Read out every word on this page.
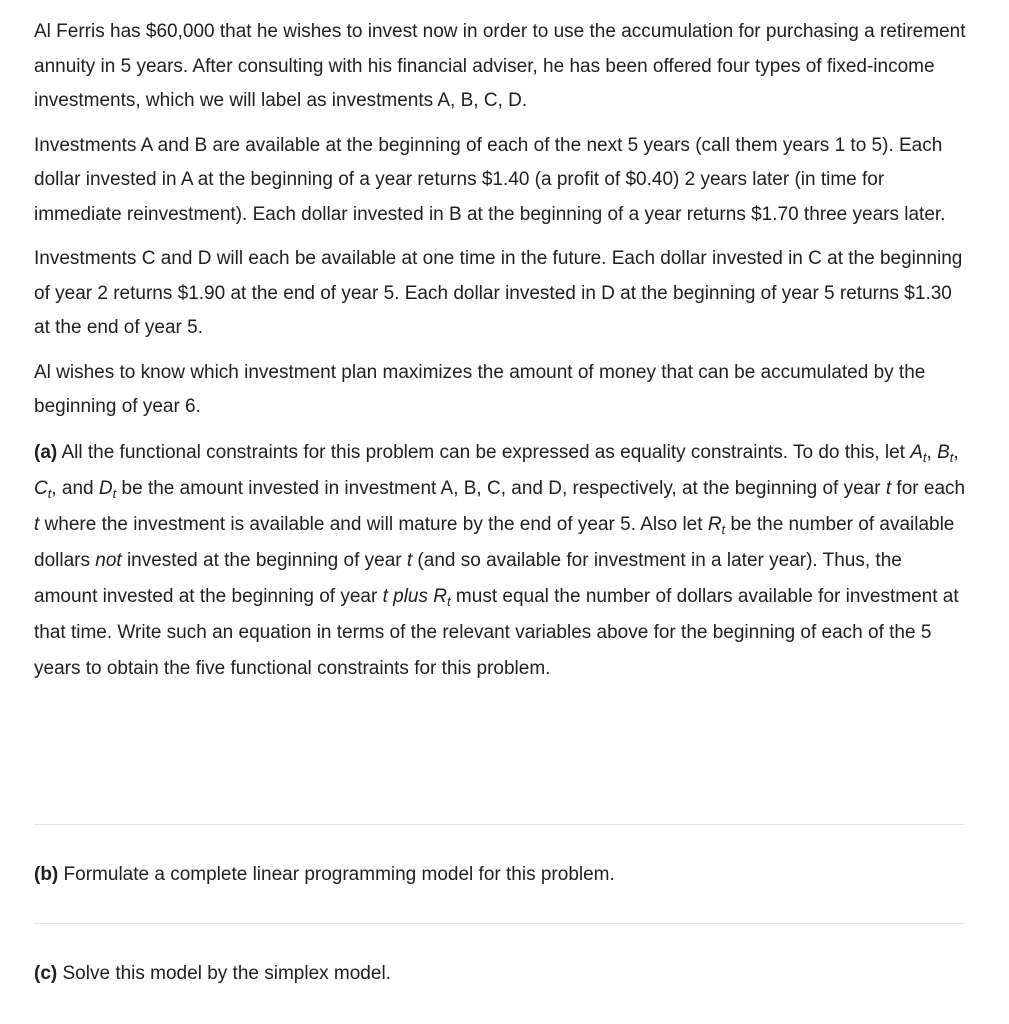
Al Ferris has $60,000 that he wishes to invest now in order to use the accumulation for purchasing a retirement annuity in 5 years. After consulting with his financial adviser, he has been offered four types of fixed-income investments, which we will label as investments A, B, C, D.

Investments A and B are available at the beginning of each of the next 5 years (call them years 1 to 5). Each dollar invested in A at the beginning of a year returns $1.40 (a profit of $0.40) 2 years later (in time for immediate reinvestment). Each dollar invested in B at the beginning of a year returns $1.70 three years later.

Investments C and D will each be available at one time in the future. Each dollar invested in C at the beginning of year 2 returns $1.90 at the end of year 5. Each dollar invested in D at the beginning of year 5 returns $1.30 at the end of year 5.

Al wishes to know which investment plan maximizes the amount of money that can be accumulated by the beginning of year 6.

(a) All the functional constraints for this problem can be expressed as equality constraints. To do this, let $A_t$, $B_t$, $C_t$, and $D_t$ be the amount invested in investment A, B, C, and D, respectively, at the beginning of year t for each t where the investment is available and will mature by the end of year 5. Also let $R_t$ be the number of available dollars not invested at the beginning of year t (and so available for investment in a later year). Thus, the amount invested at the beginning of year t plus $R_t$ must equal the number of dollars available for investment at that time. Write such an equation in terms of the relevant variables above for the beginning of each of the 5 years to obtain the five functional constraints for this problem.

(b) Formulate a complete linear programming model for this problem.

(c) Solve this model by the simplex model.
